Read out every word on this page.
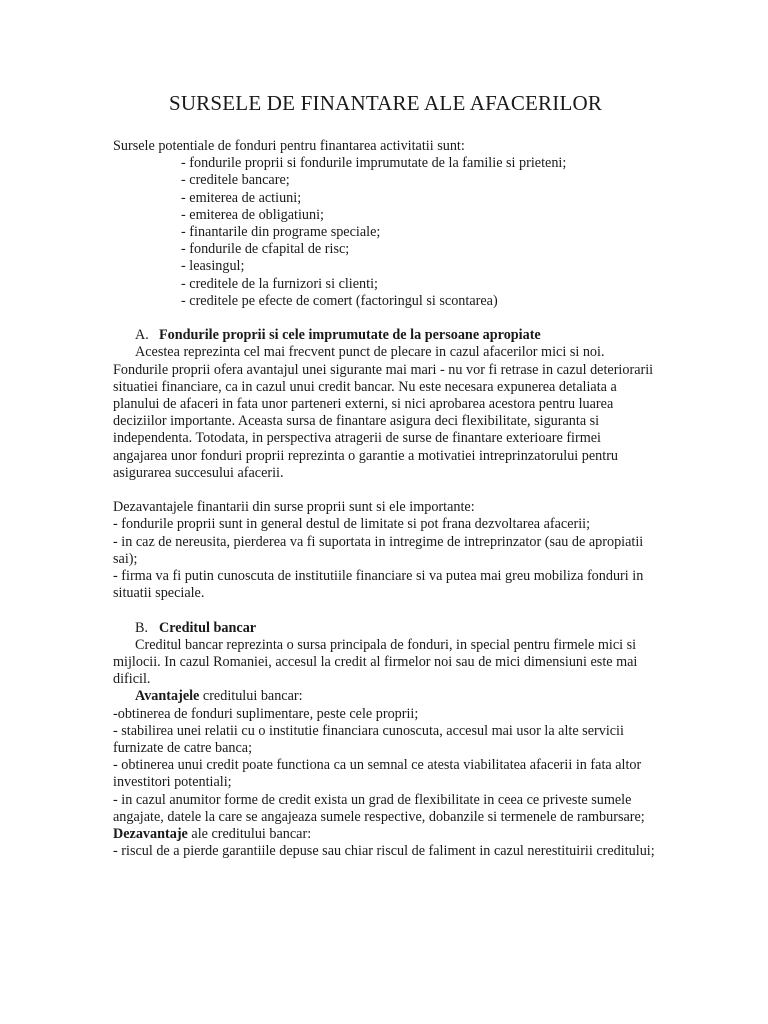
SURSELE DE FINANTARE ALE AFACERILOR

Sursele potentiale de fonduri pentru finantarea activitatii sunt:

- fondurile proprii si fondurile imprumutate de la familie si prieteni;
- creditele bancare;
- emiterea de actiuni;
- emiterea de obligatiuni;
- finantarile din programe speciale;
- fondurile de cfapital de risc;
- leasingul;
- creditele de la furnizori si clienti;
- creditele pe efecte de comert (factoringul si scontarea)

A. Fondurile proprii si cele imprumutate de la persoane apropiate

Acestea reprezinta cel mai frecvent punct de plecare in cazul afacerilor mici si noi. Fondurile proprii ofera avantajul unei sigurante mai mari - nu vor fi retrase in cazul deteriorarii situatiei financiare, ca in cazul unui credit bancar. Nu este necesara expunerea detaliata a planului de afaceri in fata unor parteneri externi, si nici aprobarea acestora pentru luarea deciziilor importante. Aceasta sursa de finantare asigura deci flexibilitate, siguranta si independenta. Totodata, in perspectiva atragerii de surse de finantare exterioare firmei angajarea unor fonduri proprii reprezinta o garantie a motivatiei intreprinzatorului pentru asigurarea succesului afacerii.

Dezavantajele finantarii din surse proprii sunt si ele importante:

- fondurile proprii sunt in general destul de limitate si pot frana dezvoltarea afacerii;
- in caz de nereusita, pierderea va fi suportata in intregime de intreprinzator (sau de apropiatii sai);
- firma va fi putin cunoscuta de institutiile financiare si va putea mai greu mobiliza fonduri in situatii speciale.

B. Creditul bancar

Creditul bancar reprezinta o sursa principala de fonduri, in special pentru firmele mici si mijlocii. In cazul Romaniei, accesul la credit al firmelor noi sau de mici dimensiuni este mai dificil.

Avantajele creditului bancar:

-obtinerea de fonduri suplimentare, peste cele proprii;
- stabilirea unei relatii cu o institutie financiara cunoscuta, accesul mai usor la alte servicii furnizate de catre banca;
- obtinerea unui credit poate functiona ca un semnal ce atesta viabilitatea afacerii in fata altor investitori potentiali;
- in cazul anumitor forme de credit exista un grad de flexibilitate in ceea ce priveste sumele angajate, datele la care se angajeaza sumele respective, dobanzile si termenele de rambursare;

Dezavantaje ale creditului bancar:

- riscul de a pierde garantiile depuse sau chiar riscul de faliment in cazul nerestituirii creditului;
